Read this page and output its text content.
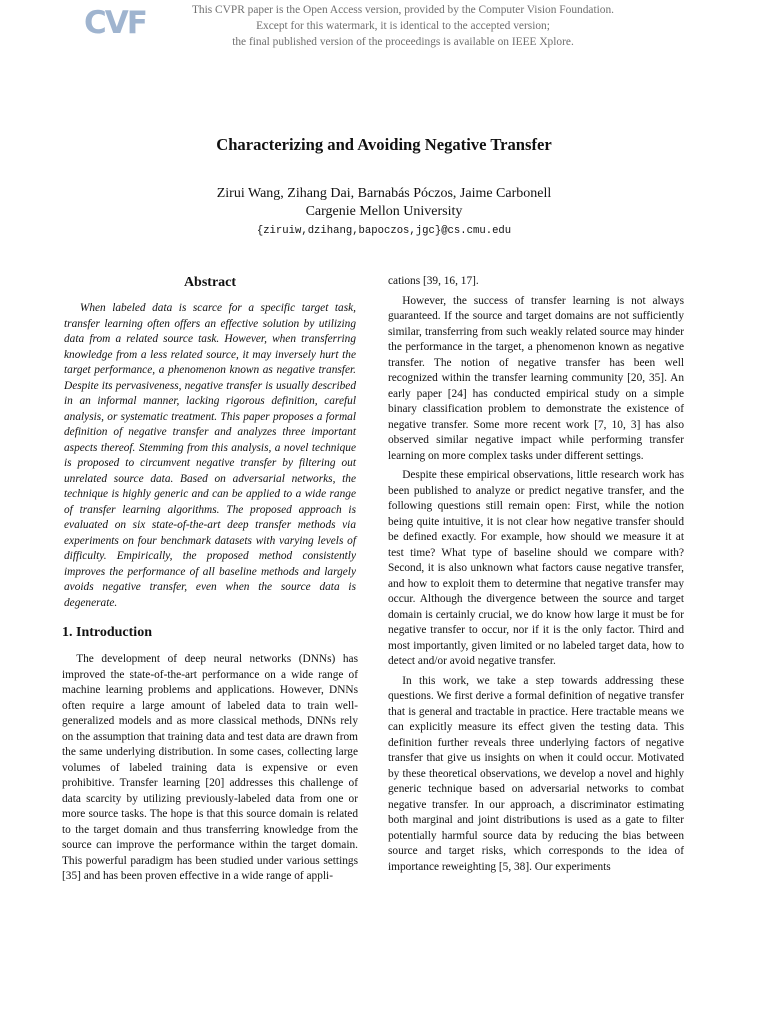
CVF	This CVPR paper is the Open Access version, provided by the Computer Vision Foundation.
Except for this watermark, it is identical to the accepted version;
the final published version of the proceedings is available on IEEE Xplore.
Characterizing and Avoiding Negative Transfer
Zirui Wang, Zihang Dai, Barnabás Póczos, Jaime Carbonell
Cargenie Mellon University
{ziruiw,dzihang,bapoczos,jgc}@cs.cmu.edu
Abstract

When labeled data is scarce for a specific target task, transfer learning often offers an effective solution by utilizing data from a related source task. However, when transferring knowledge from a less related source, it may inversely hurt the target performance, a phenomenon known as negative transfer. Despite its pervasiveness, negative transfer is usually described in an informal manner, lacking rigorous definition, careful analysis, or systematic treatment. This paper proposes a formal definition of negative transfer and analyzes three important aspects thereof. Stemming from this analysis, a novel technique is proposed to circumvent negative transfer by filtering out unrelated source data. Based on adversarial networks, the technique is highly generic and can be applied to a wide range of transfer learning algorithms. The proposed approach is evaluated on six state-of-the-art deep transfer methods via experiments on four benchmark datasets with varying levels of difficulty. Empirically, the proposed method consistently improves the performance of all baseline methods and largely avoids negative transfer, even when the source data is degenerate.

1. Introduction

The development of deep neural networks (DNNs) has improved the state-of-the-art performance on a wide range of machine learning problems and applications. However, DNNs often require a large amount of labeled data to train well-generalized models and as more classical methods, DNNs rely on the assumption that training data and test data are drawn from the same underlying distribution. In some cases, collecting large volumes of labeled training data is expensive or even prohibitive. Transfer learning [20] addresses this challenge of data scarcity by utilizing previously-labeled data from one or more source tasks. The hope is that this source domain is related to the target domain and thus transferring knowledge from the source can improve the performance within the target domain. This powerful paradigm has been studied under various settings [35] and has been proven effective in a wide range of appli-

cations [39, 16, 17].

However, the success of transfer learning is not always guaranteed. If the source and target domains are not sufficiently similar, transferring from such weakly related source may hinder the performance in the target, a phenomenon known as negative transfer. The notion of negative transfer has been well recognized within the transfer learning community [20, 35]. An early paper [24] has conducted empirical study on a simple binary classification problem to demonstrate the existence of negative transfer. Some more recent work [7, 10, 3] has also observed similar negative impact while performing transfer learning on more complex tasks under different settings.

Despite these empirical observations, little research work has been published to analyze or predict negative transfer, and the following questions still remain open: First, while the notion being quite intuitive, it is not clear how negative transfer should be defined exactly. For example, how should we measure it at test time? What type of baseline should we compare with? Second, it is also unknown what factors cause negative transfer, and how to exploit them to determine that negative transfer may occur. Although the divergence between the source and target domain is certainly crucial, we do know how large it must be for negative transfer to occur, nor if it is the only factor. Third and most importantly, given limited or no labeled target data, how to detect and/or avoid negative transfer.

In this work, we take a step towards addressing these questions. We first derive a formal definition of negative transfer that is general and tractable in practice. Here tractable means we can explicitly measure its effect given the testing data. This definition further reveals three underlying factors of negative transfer that give us insights on when it could occur. Motivated by these theoretical observations, we develop a novel and highly generic technique based on adversarial networks to combat negative transfer. In our approach, a discriminator estimating both marginal and joint distributions is used as a gate to filter potentially harmful source data by reducing the bias between source and target risks, which corresponds to the idea of importance reweighting [5, 38]. Our experiments
